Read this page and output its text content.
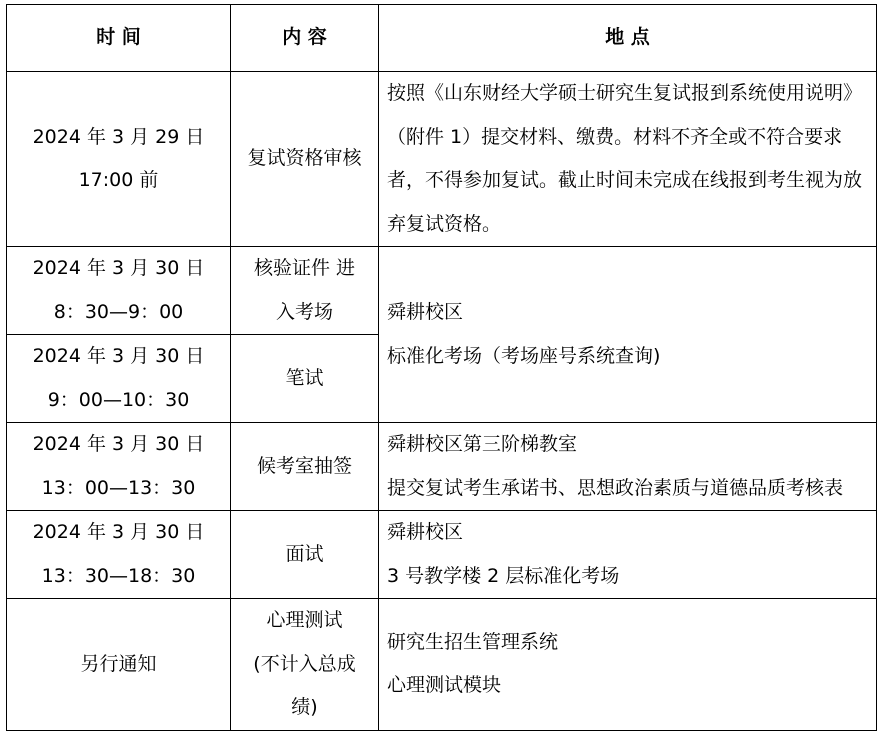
时 间	内 容	地 点

2024 年 3 月 29 日
17:00 前	复试资格审核	按照《山东财经大学硕士研究生复试报到系统使用说明》（附件 1）提交材料、缴费。材料不齐全或不符合要求者，不得参加复试。截止时间未完成在线报到考生视为放弃复试资格。

2024 年 3 月 30 日
8：30—9：00	核验证件 进
入考场	舜耕校区
标准化考场（考场座号系统查询)

2024 年 3 月 30 日
9：00—10：30	笔试	

2024 年 3 月 30 日
13：00—13：30	候考室抽签	舜耕校区第三阶梯教室
提交复试考生承诺书、思想政治素质与道德品质考核表

2024 年 3 月 30 日
13：30—18：30	面试	舜耕校区
3 号教学楼 2 层标准化考场

另行通知	心理测试
(不计入总成
绩)	研究生招生管理系统
心理测试模块
